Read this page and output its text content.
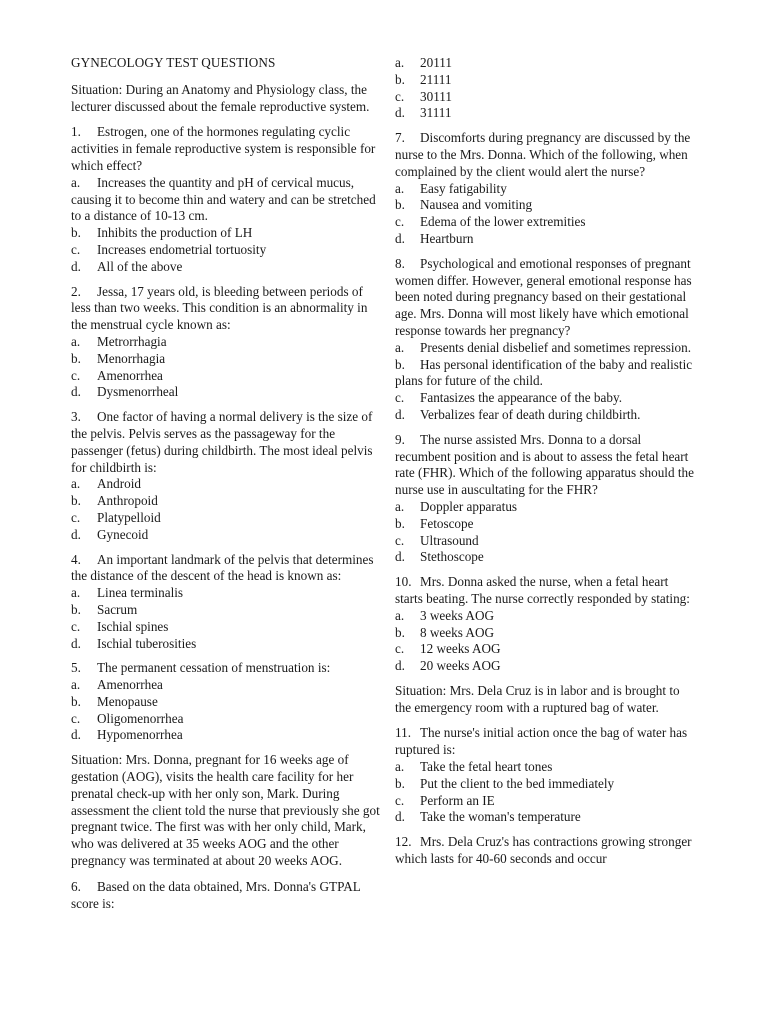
GYNECOLOGY TEST QUESTIONS
Situation: During an Anatomy and Physiology class, the lecturer discussed about the female reproductive system.
1. Estrogen, one of the hormones regulating cyclic activities in female reproductive system is responsible for which effect?
a. Increases the quantity and pH of cervical mucus, causing it to become thin and watery and can be stretched to a distance of 10-13 cm.
b. Inhibits the production of LH
c. Increases endometrial tortuosity
d. All of the above
2. Jessa, 17 years old, is bleeding between periods of less than two weeks. This condition is an abnormality in the menstrual cycle known as:
a. Metrorrhagia
b. Menorrhagia
c. Amenorrhea
d. Dysmenorrheal
3. One factor of having a normal delivery is the size of the pelvis. Pelvis serves as the passageway for the passenger (fetus) during childbirth. The most ideal pelvis for childbirth is:
a. Android
b. Anthropoid
c. Platypelloid
d. Gynecoid
4. An important landmark of the pelvis that determines the distance of the descent of the head is known as:
a. Linea terminalis
b. Sacrum
c. Ischial spines
d. Ischial tuberosities
5. The permanent cessation of menstruation is:
a. Amenorrhea
b. Menopause
c. Oligomenorrhea
d. Hypomenorrhea
Situation: Mrs. Donna, pregnant for 16 weeks age of gestation (AOG), visits the health care facility for her prenatal check-up with her only son, Mark. During assessment the client told the nurse that previously she got pregnant twice. The first was with her only child, Mark, who was delivered at 35 weeks AOG and the other pregnancy was terminated at about 20 weeks AOG.
6. Based on the data obtained, Mrs. Donna's GTPAL score is:
a. 20111
b. 21111
c. 30111
d. 31111
7. Discomforts during pregnancy are discussed by the nurse to the Mrs. Donna. Which of the following, when complained by the client would alert the nurse?
a. Easy fatigability
b. Nausea and vomiting
c. Edema of the lower extremities
d. Heartburn
8. Psychological and emotional responses of pregnant women differ. However, general emotional response has been noted during pregnancy based on their gestational age. Mrs. Donna will most likely have which emotional response towards her pregnancy?
a. Presents denial disbelief and sometimes repression.
b. Has personal identification of the baby and realistic plans for future of the child.
c. Fantasizes the appearance of the baby.
d. Verbalizes fear of death during childbirth.
9. The nurse assisted Mrs. Donna to a dorsal recumbent position and is about to assess the fetal heart rate (FHR). Which of the following apparatus should the nurse use in auscultating for the FHR?
a. Doppler apparatus
b. Fetoscope
c. Ultrasound
d. Stethoscope
10. Mrs. Donna asked the nurse, when a fetal heart starts beating. The nurse correctly responded by stating:
a. 3 weeks AOG
b. 8 weeks AOG
c. 12 weeks AOG
d. 20 weeks AOG
Situation: Mrs. Dela Cruz is in labor and is brought to the emergency room with a ruptured bag of water.
11. The nurse's initial action once the bag of water has ruptured is:
a. Take the fetal heart tones
b. Put the client to the bed immediately
c. Perform an IE
d. Take the woman's temperature
12. Mrs. Dela Cruz's has contractions growing stronger which lasts for 40-60 seconds and occur
